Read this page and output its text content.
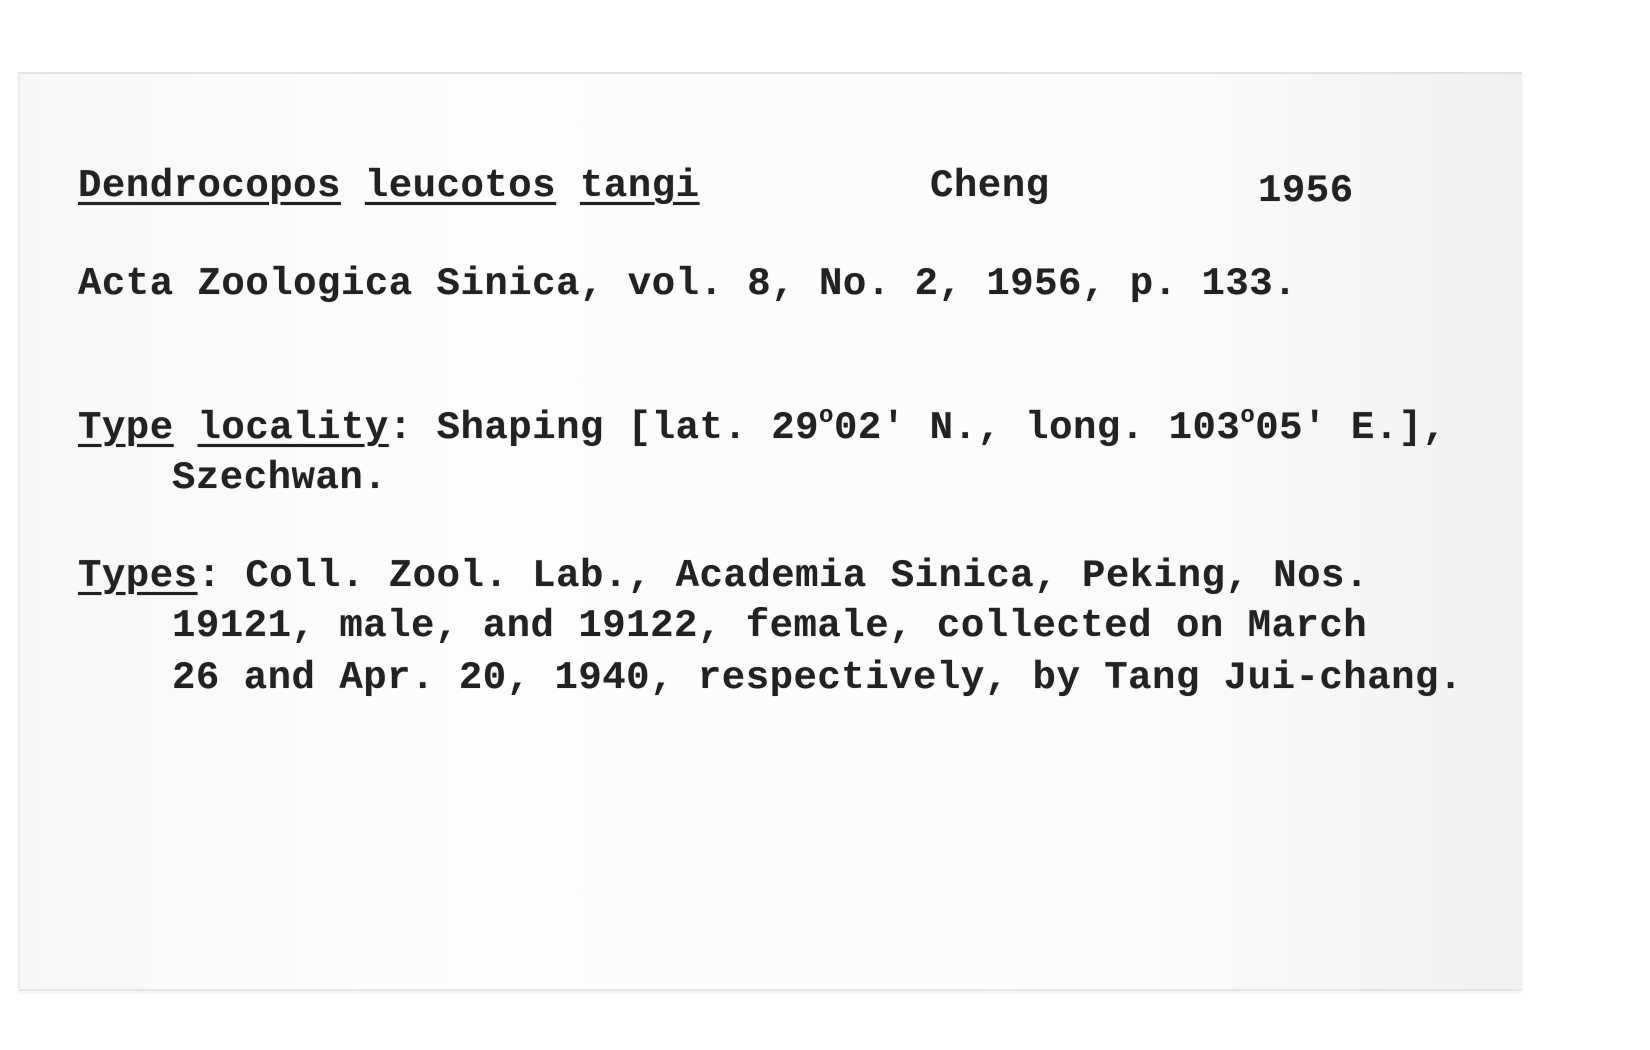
Dendrocopos leucotos tangi	Cheng	1956
Acta Zoologica Sinica, vol. 8, No. 2, 1956, p. 133.
Type locality: Shaping [lat. 29$^o$02' N., long. 103$^o$05' E.],
Szechwan.
Types: Coll. Zool. Lab., Academia Sinica, Peking, Nos.
19121, male, and 19122, female, collected on March
26 and Apr. 20, 1940, respectively, by Tang Jui-chang.
